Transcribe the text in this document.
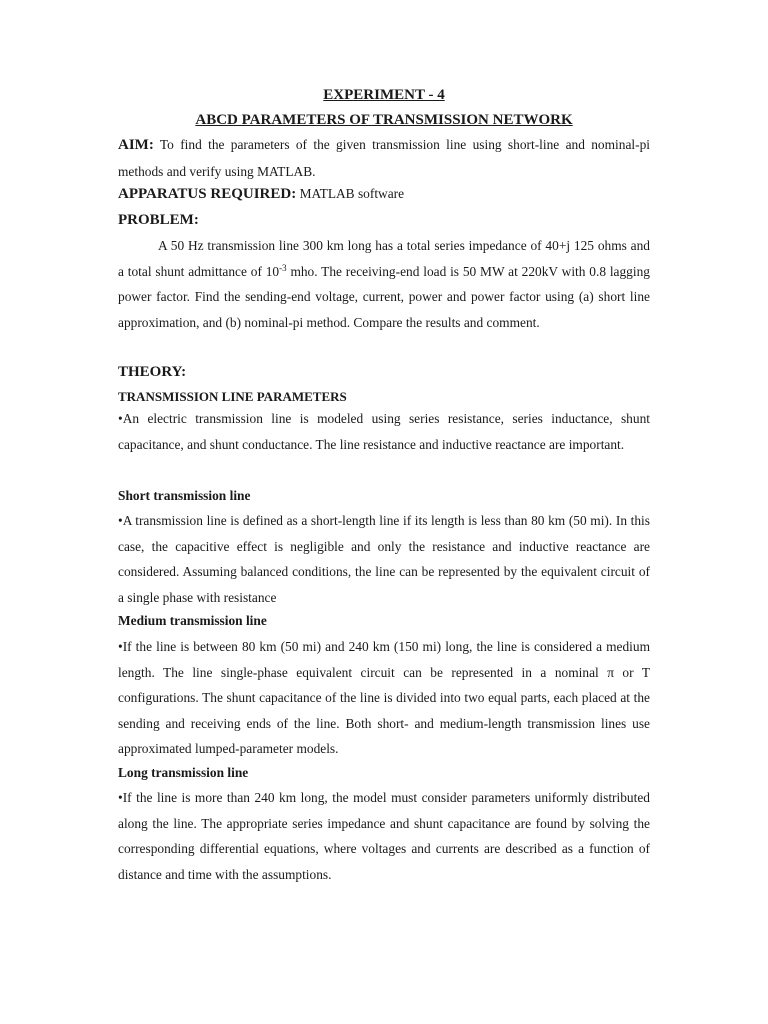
EXPERIMENT - 4
ABCD PARAMETERS OF TRANSMISSION NETWORK
AIM: To find the parameters of the given transmission line using short-line and nominal-pi methods and verify using MATLAB.
APPARATUS REQUIRED: MATLAB software
PROBLEM:
A 50 Hz transmission line 300 km long has a total series impedance of 40+j 125 ohms and a total shunt admittance of $10^{-3}$ mho. The receiving-end load is 50 MW at 220kV with 0.8 lagging power factor. Find the sending-end voltage, current, power and power factor using (a) short line approximation, and (b) nominal-pi method. Compare the results and comment.
THEORY:
TRANSMISSION LINE PARAMETERS
•An electric transmission line is modeled using series resistance, series inductance, shunt capacitance, and shunt conductance. The line resistance and inductive reactance are important.
Short transmission line
•A transmission line is defined as a short-length line if its length is less than 80 km (50 mi). In this case, the capacitive effect is negligible and only the resistance and inductive reactance are considered. Assuming balanced conditions, the line can be represented by the equivalent circuit of a single phase with resistance
Medium transmission line
•If the line is between 80 km (50 mi) and 240 km (150 mi) long, the line is considered a medium length. The line single-phase equivalent circuit can be represented in a nominal π or T configurations. The shunt capacitance of the line is divided into two equal parts, each placed at the sending and receiving ends of the line. Both short- and medium-length transmission lines use approximated lumped-parameter models.
Long transmission line
•If the line is more than 240 km long, the model must consider parameters uniformly distributed along the line. The appropriate series impedance and shunt capacitance are found by solving the corresponding differential equations, where voltages and currents are described as a function of distance and time with the assumptions.
